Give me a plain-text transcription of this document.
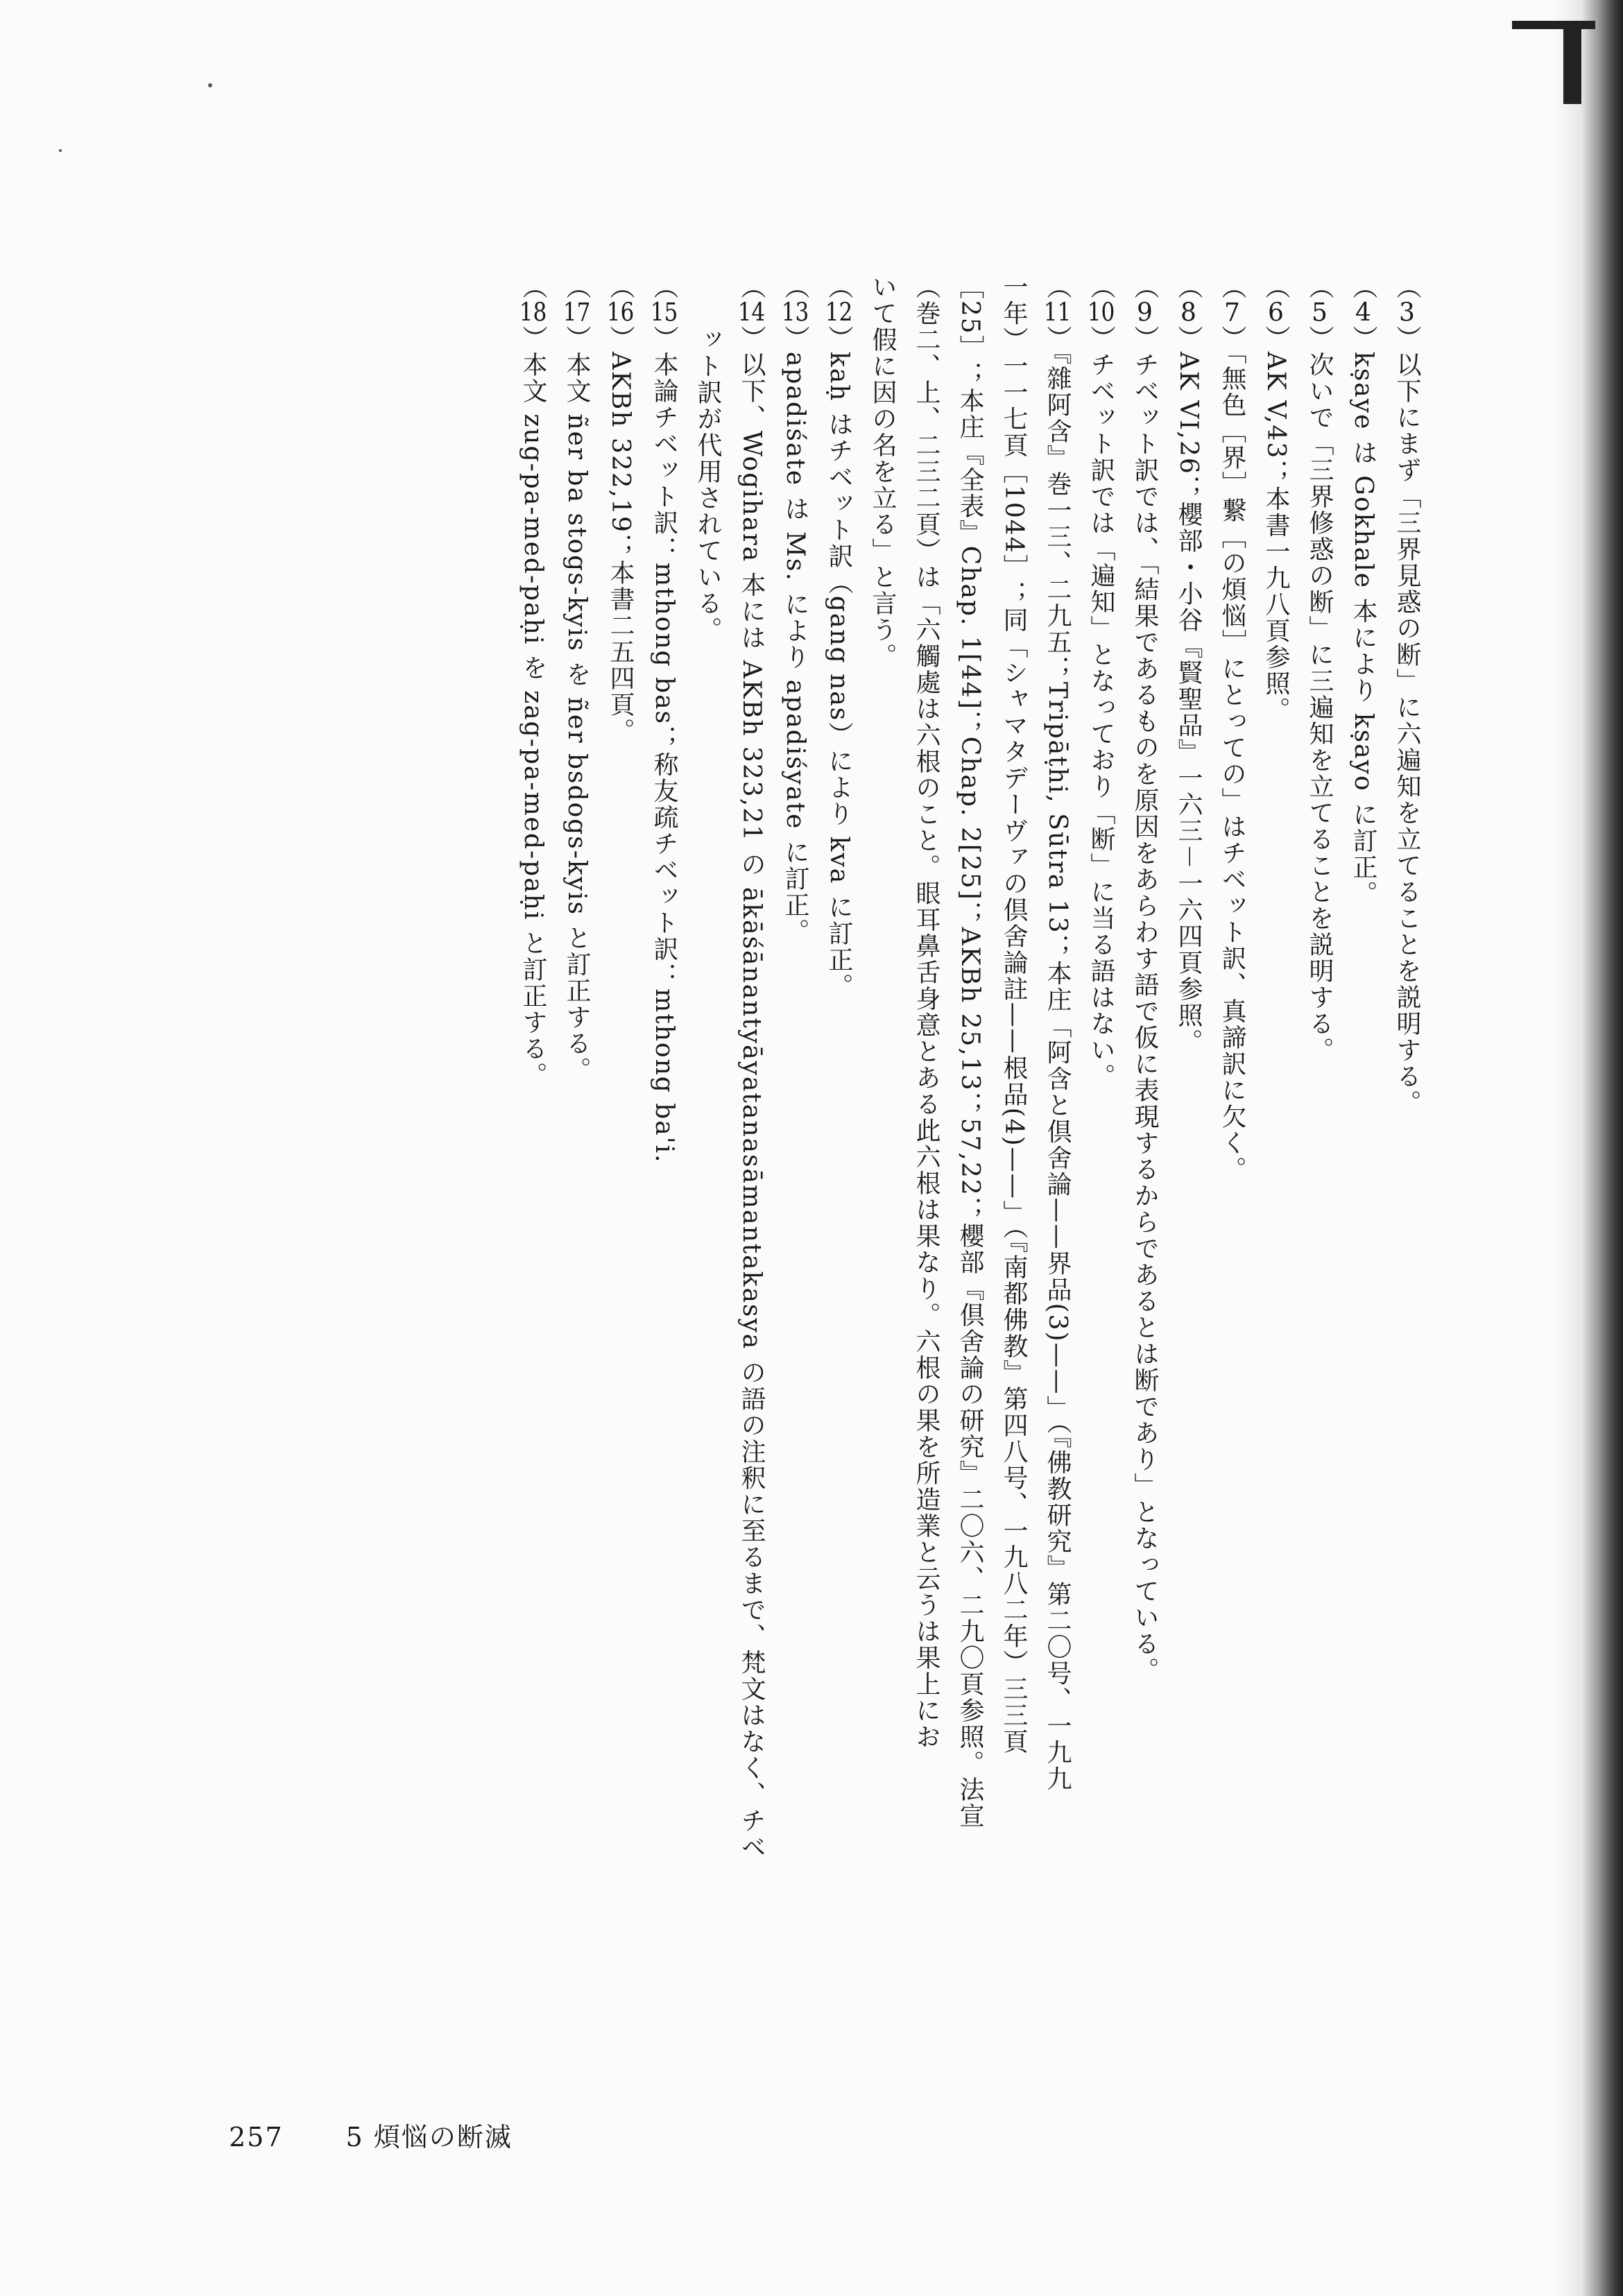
（3）以下にまず「三界見惑の断」に六遍知を立てることを説明する。

（4）kṣaye は Gokhale 本により kṣayo に訂正。

（5）次いで「三界修惑の断」に三遍知を立てることを説明する。

（6）AK V,43；本書一九八頁参照。

（7）「無色［界］繋［の煩悩］にとっての」はチベット訳、真諦訳に欠く。

（8）AK VI,26；櫻部・小谷『賢聖品』一六三－一六四頁参照。

（9）チベット訳では、「結果であるものを原因をあらわす語で仮に表現するからであるとは断であり」となっている。

（10）チベット訳では「遍知」となっており「断」に当る語はない。

（11）『雜阿含』巻一三、二九五；Tripāṭhi, Sūtra 13；本庄「阿含と倶舍論——界品(3)——」（『佛教研究』第二〇号、一九九

一年）一一七頁［1044］；同「シャマタデーヴァの倶舍論註——根品(4)——」（『南都佛教』第四八号、一九八二年）三三頁

［25］；本庄『全表』Chap. 1[44]；Chap. 2[25]；AKBh 25,13；57,22；櫻部『倶舍論の研究』二〇六、二九〇頁参照。法宣

（巻二、上、二三二頁）は「六觸處は六根のこと。眼耳鼻舌身意とある此六根は果なり。六根の果を所造業と云うは果上にお

いて假に因の名を立る」と言う。

（12）kaḥ はチベット訳（gang nas）により kva に訂正。

（13）apadiśate は Ms. により apadiśyate に訂正。

（14）以下、Wogihara 本には AKBh 323,21 の ākāśānantyāyatanasāmantakasya の語の注釈に至るまで、梵文はなく、チベ

　　ット訳が代用されている。

（15）本論チベット訳：mthong bas；称友疏チベット訳：mthong ba'i.

（16）AKBh 322,19；本書二五四頁。

（17）本文 ñer ba stogs-kyis を ñer bsdogs-kyis と訂正する。

（18）本文 zug-pa-med-paḥi を zag-pa-med-paḥi と訂正する。

257 5 煩悩の断滅
